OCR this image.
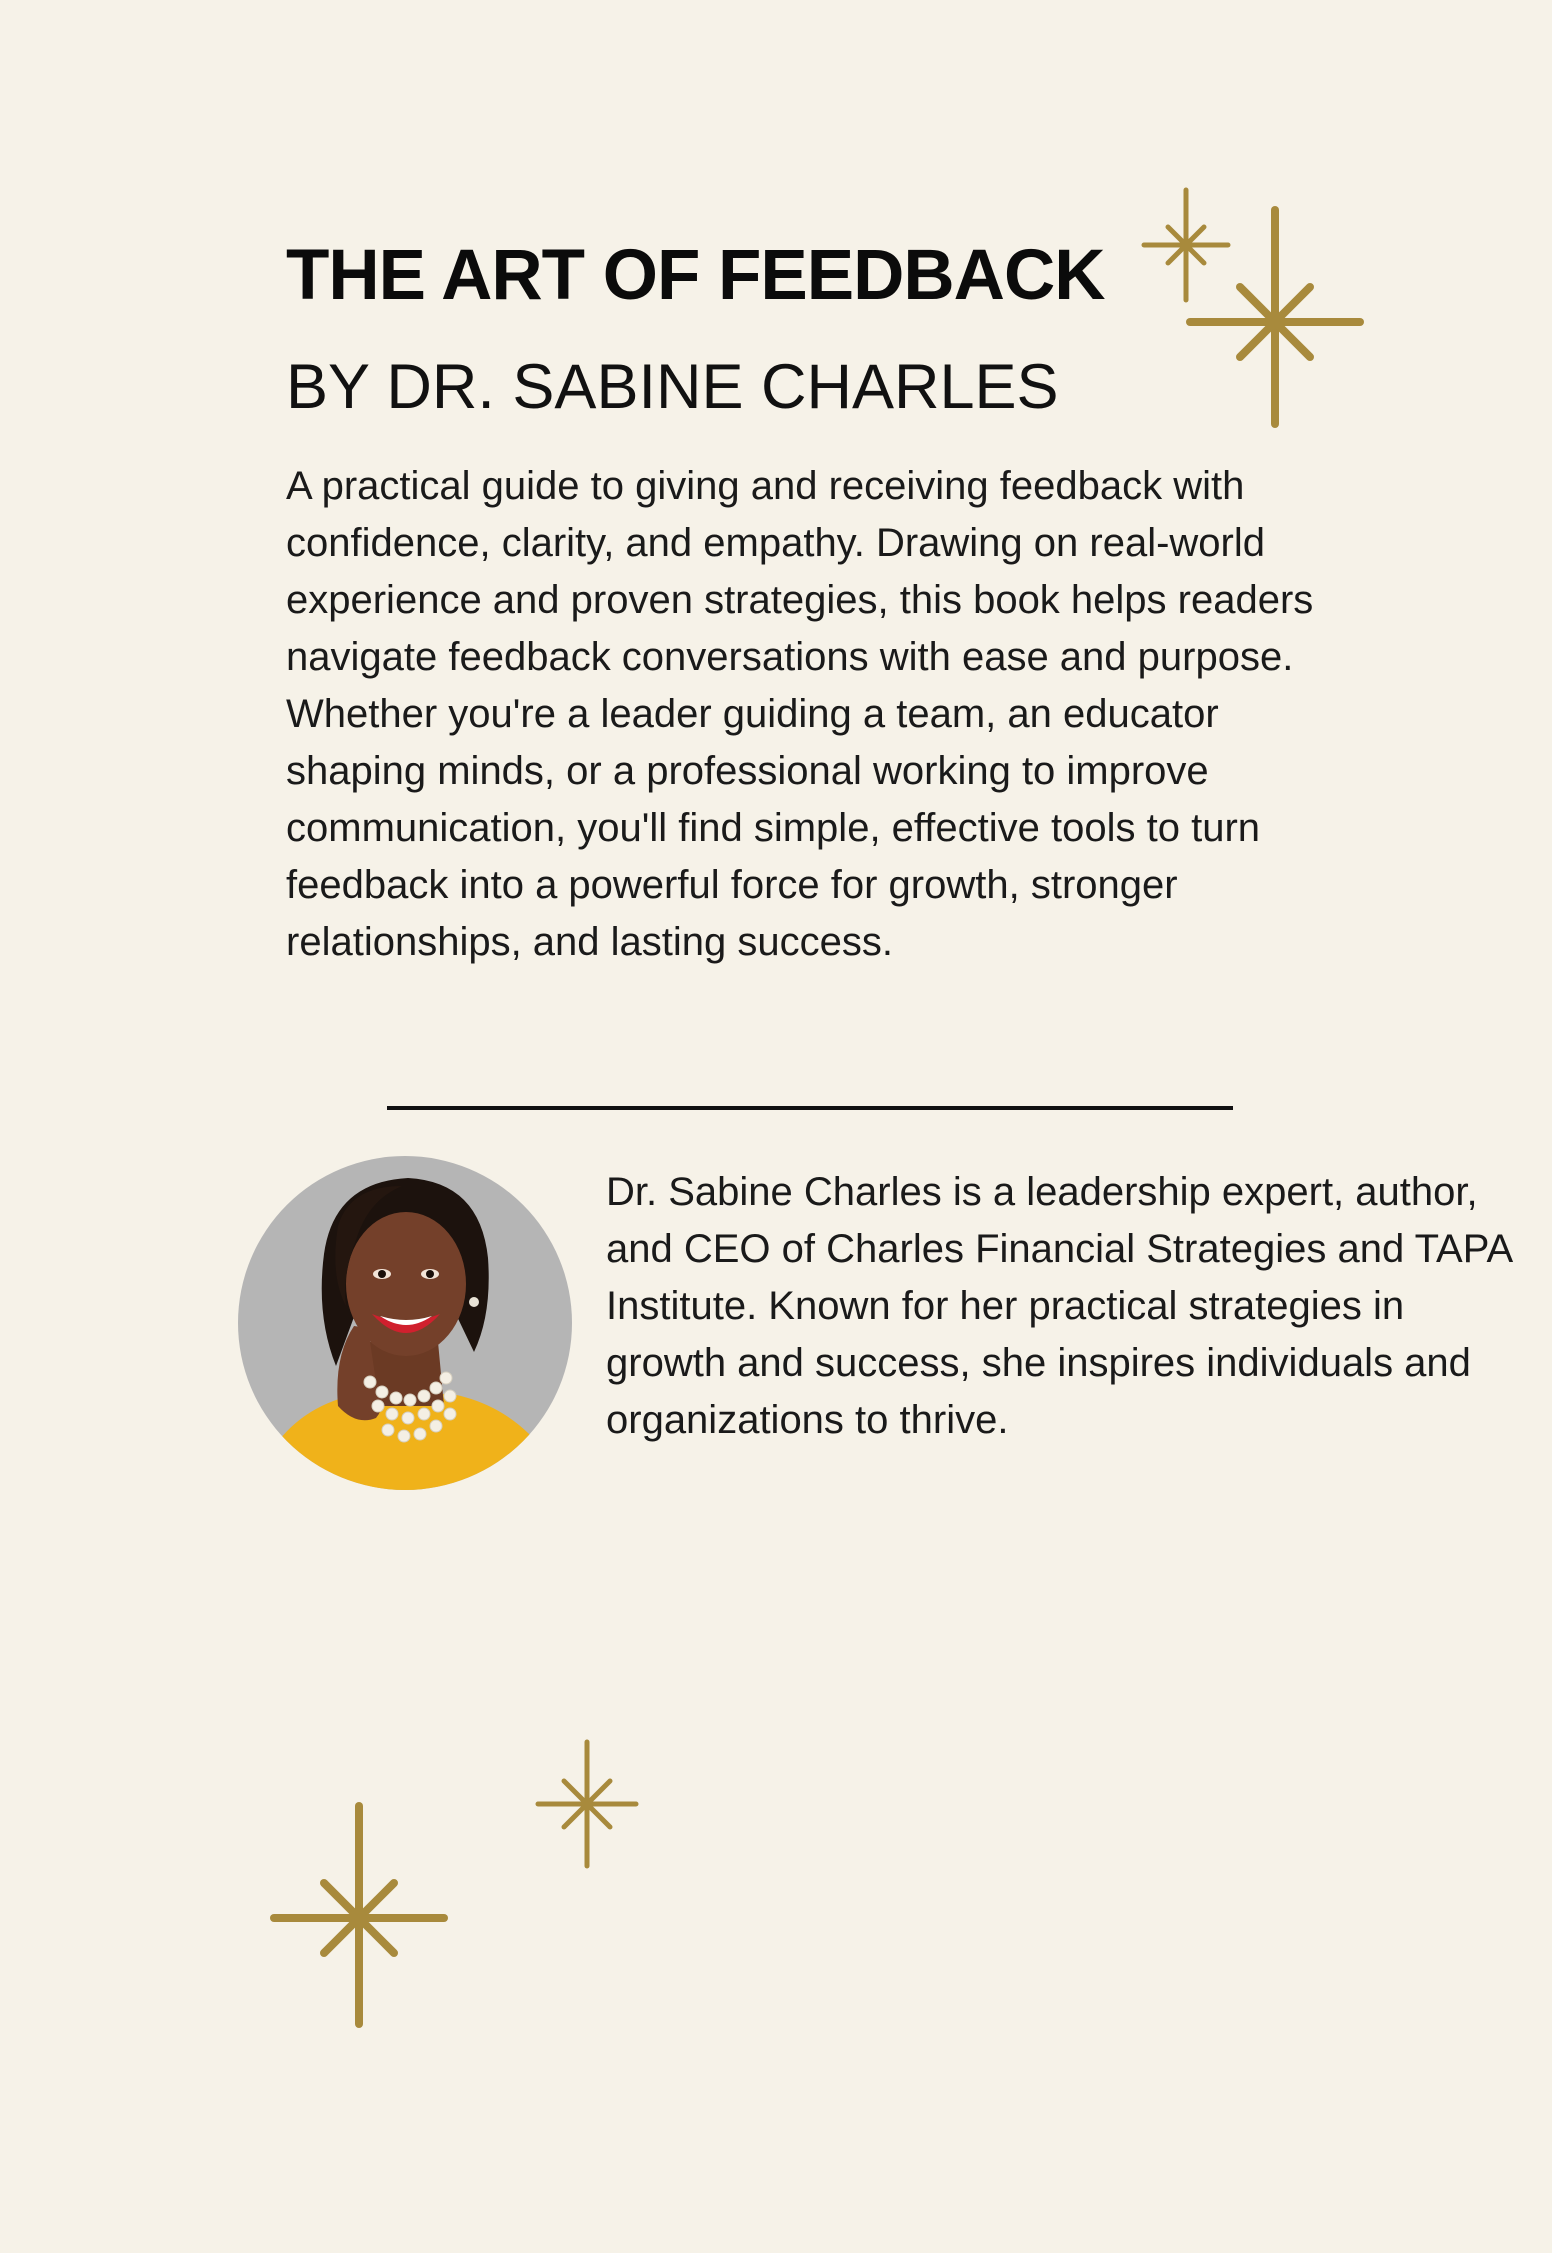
THE ART OF FEEDBACK
BY DR. SABINE CHARLES

A practical guide to giving and receiving feedback with confidence, clarity, and empathy. Drawing on real-world experience and proven strategies, this book helps readers navigate feedback conversations with ease and purpose. Whether you're a leader guiding a team, an educator shaping minds, or a professional working to improve communication, you'll find simple, effective tools to turn feedback into a powerful force for growth, stronger relationships, and lasting success.

Dr. Sabine Charles is a leadership expert, author, and CEO of Charles Financial Strategies and TAPA Institute. Known for her practical strategies in growth and success, she inspires individuals and organizations to thrive.
